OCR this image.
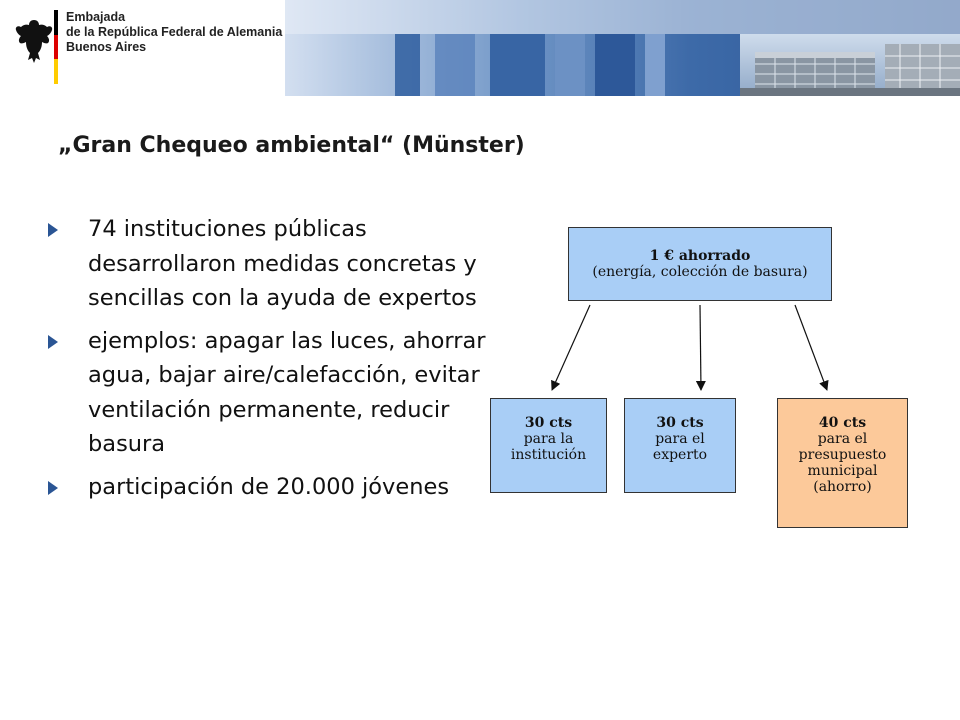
Embajada
de la República Federal de Alemania
Buenos Aires
„Gran Chequeo ambiental“ (Münster)
74 instituciones públicas desarrollaron medidas concretas y sencillas con la ayuda de expertos
ejemplos: apagar las luces, ahorrar agua, bajar aire/calefacción, evitar ventilación permanente, reducir basura
participación de 20.000 jóvenes
1 € ahorrado
(energía, colección de basura)
30 cts
para la
institución
30 cts
para el
experto
40 cts
para el
presupuesto
municipal
(ahorro)
